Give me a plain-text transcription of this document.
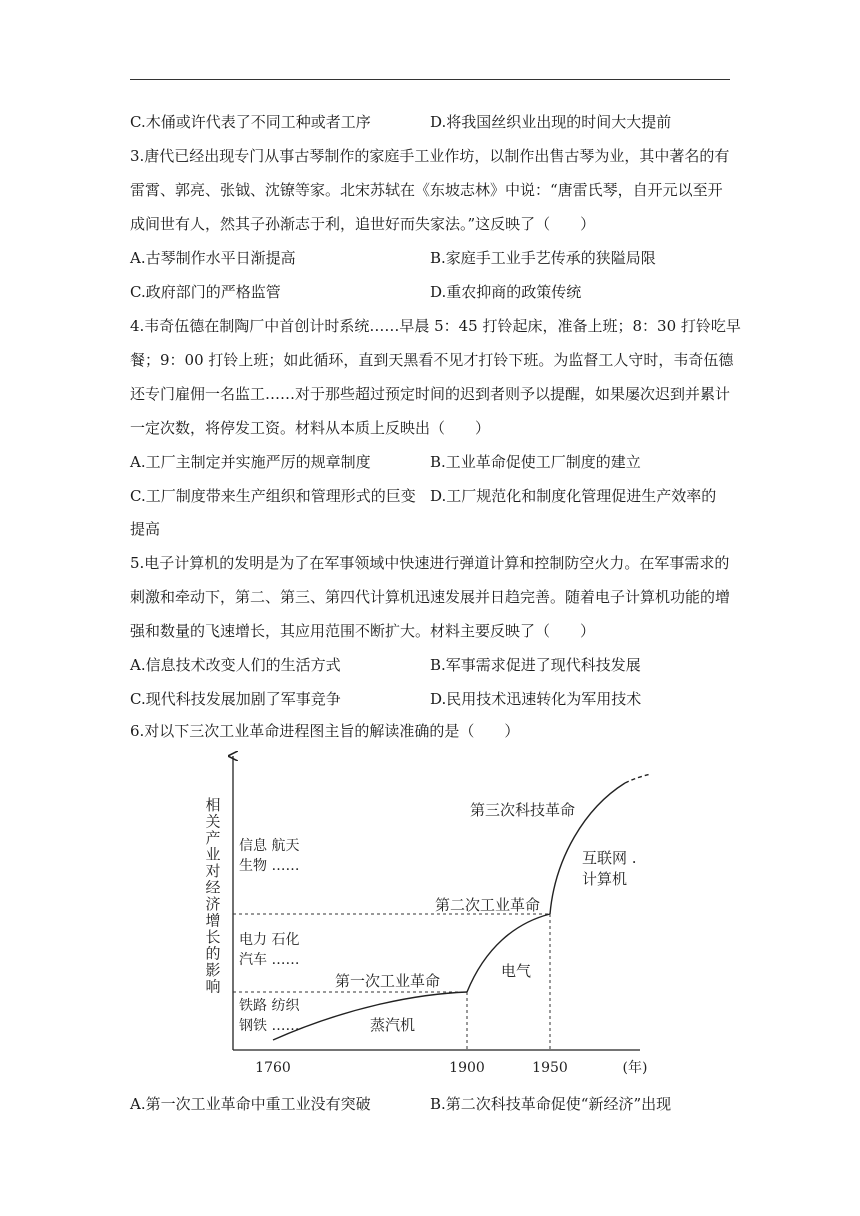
C.木俑或许代表了不同工种或者工序	D.将我国丝织业出现的时间大大提前
3.唐代已经出现专门从事古琴制作的家庭手工业作坊，以制作出售古琴为业，其中著名的有
雷霄、郭亮、张钺、沈镣等家。北宋苏轼在《东坡志林》中说：“唐雷氏琴，自开元以至开
成间世有人，然其子孙渐志于利，追世好而失家法。”这反映了（　　）
A.古琴制作水平日渐提高	B.家庭手工业手艺传承的狭隘局限
C.政府部门的严格监管	D.重农抑商的政策传统
4.韦奇伍德在制陶厂中首创计时系统……早晨 5：45 打铃起床，准备上班；8：30 打铃吃早
餐；9：00 打铃上班；如此循环，直到天黑看不见才打铃下班。为监督工人守时，韦奇伍德
还专门雇佣一名监工……对于那些超过预定时间的迟到者则予以提醒，如果屡次迟到并累计
一定次数，将停发工资。材料从本质上反映出（　　）
A.工厂主制定并实施严厉的规章制度	B.工业革命促使工厂制度的建立
C.工厂制度带来生产组织和管理形式的巨变 D.工厂规范化和制度化管理促进生产效率的
提高
5.电子计算机的发明是为了在军事领域中快速进行弹道计算和控制防空火力。在军事需求的
刺激和牵动下，第二、第三、第四代计算机迅速发展并日趋完善。随着电子计算机功能的增
强和数量的飞速增长，其应用范围不断扩大。材料主要反映了（　　）
A.信息技术改变人们的生活方式	B.军事需求促进了现代科技发展
C.现代科技发展加剧了军事竞争	D.民用技术迅速转化为军用技术
6.对以下三次工业革命进程图主旨的解读准确的是（　　）
相
关
产
业
对
经
济
增
长
的
影
响
1760	1900	1950	(年)
第一次工业革命
蒸汽机
第二次工业革命
电气
第三次科技革命
互联网 .
计算机
铁路 纺织
钢铁 ……
电力 石化
汽车 ……
信息 航天
生物 ……
A.第一次工业革命中重工业没有突破	B.第二次科技革命促使“新经济”出现
